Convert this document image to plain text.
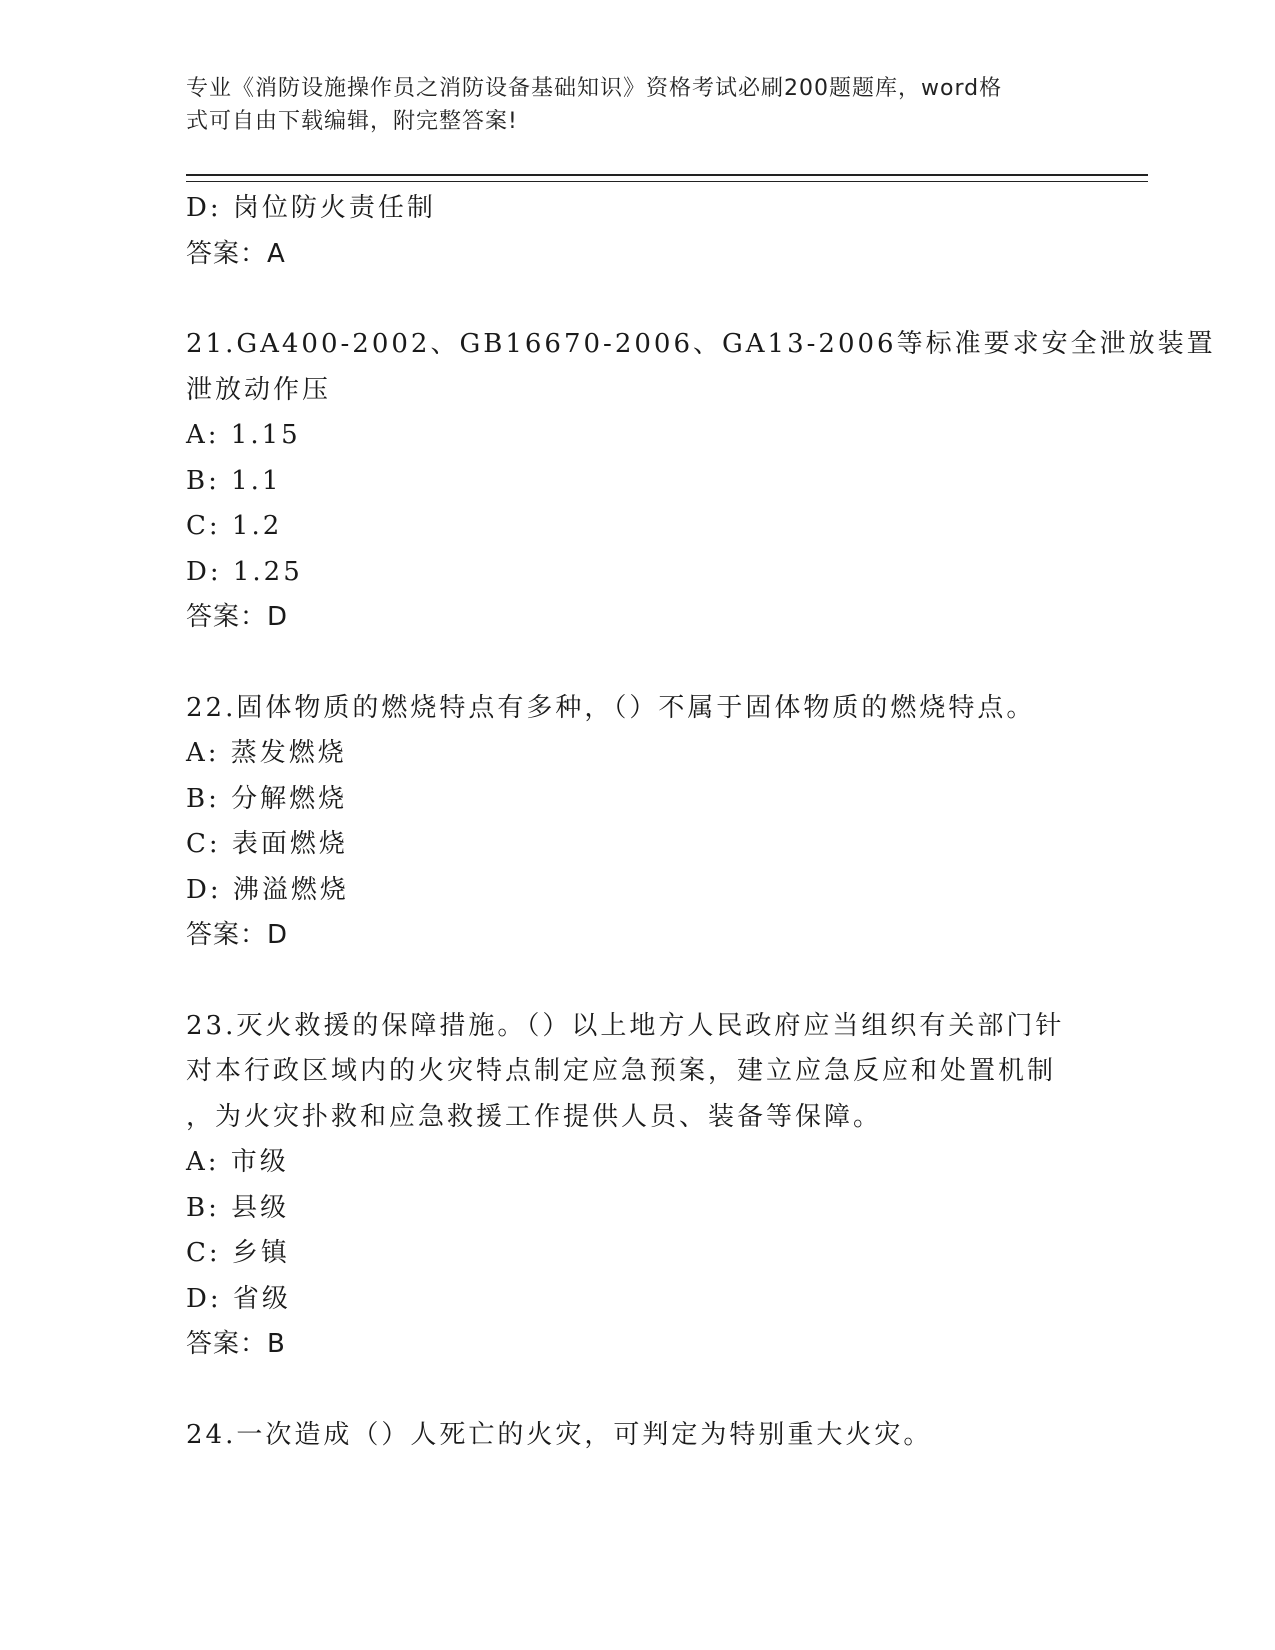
专业《消防设施操作员之消防设备基础知识》资格考试必刷200题题库，word格
式可自由下载编辑，附完整答案!
D: 岗位防火责任制
答案：A
21.GA400-2002、GB16670-2006、GA13-2006等标准要求安全泄放装置
泄放动作压
A: 1.15
B: 1.1
C: 1.2
D: 1.25
答案：D
22.固体物质的燃烧特点有多种，（）不属于固体物质的燃烧特点。
A: 蒸发燃烧
B: 分解燃烧
C: 表面燃烧
D: 沸溢燃烧
答案：D
23.灭火救援的保障措施。（）以上地方人民政府应当组织有关部门针
对本行政区域内的火灾特点制定应急预案，建立应急反应和处置机制
，为火灾扑救和应急救援工作提供人员、装备等保障。
A: 市级
B: 县级
C: 乡镇
D: 省级
答案：B
24.一次造成（）人死亡的火灾，可判定为特别重大火灾。
